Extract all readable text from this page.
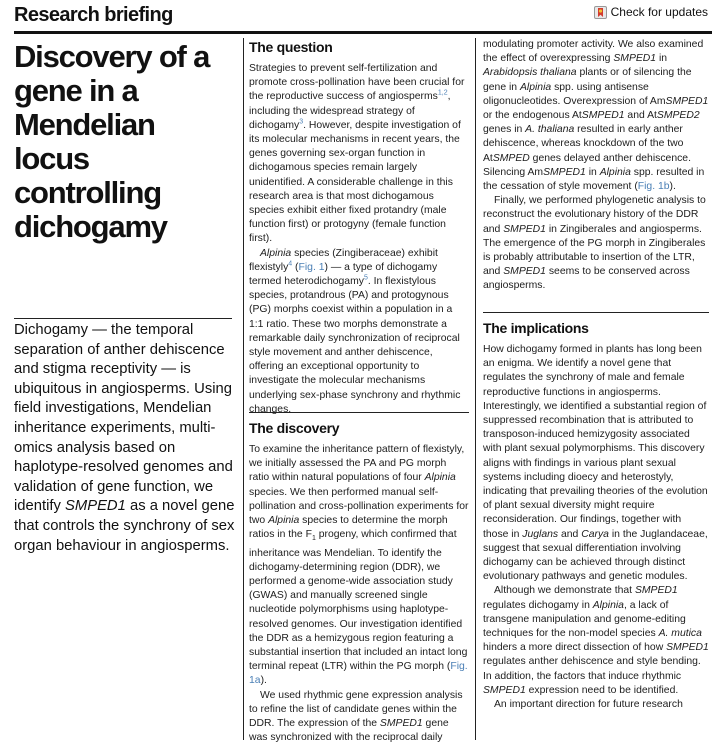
Research briefing	Check for updates
Discovery of a gene in a Mendelian locus controlling dichogamy

Dichogamy — the temporal separation of anther dehiscence and stigma receptivity — is ubiquitous in angiosperms. Using field investigations, Mendelian inheritance experiments, multi-omics analysis based on haplotype-resolved genomes and validation of gene function, we identify SMPED1 as a novel gene that controls the synchrony of sex organ behaviour in angiosperms.

The question

Strategies to prevent self-fertilization and promote cross-pollination have been crucial for the reproductive success of angiosperms$^{1,2}$, including the widespread strategy of dichogamy$^3$. However, despite investigation of its molecular mechanisms in recent years, the genes governing sex-organ function in dichogamous species remain largely unidentified. A considerable challenge in this research area is that most dichogamous species exhibit either fixed protandry (male function first) or protogyny (female function first).

Alpinia species (Zingiberaceae) exhibit flexistyly$^4$ (Fig. 1) — a type of dichogamy termed heterodichogamy$^5$. In flexistylous species, protandrous (PA) and protogynous (PG) morphs coexist within a population in a 1:1 ratio. These two morphs demonstrate a remarkable daily synchronization of reciprocal style movement and anther dehiscence, offering an exceptional opportunity to investigate the molecular mechanisms underlying sex-phase synchrony and rhythmic changes.

The discovery

To examine the inheritance pattern of flexistyly, we initially assessed the PA and PG morph ratio within natural populations of four Alpinia species. We then performed manual self-pollination and cross-pollination experiments for two Alpinia species to determine the morph ratios in the $F_1$ progeny, which confirmed that inheritance was Mendelian. To identify the dichogamy-determining region (DDR), we performed a genome-wide association study (GWAS) and manually screened single nucleotide polymorphisms using haplotype-resolved genomes. Our investigation identified the DDR as a hemizygous region featuring a substantial insertion that included an intact long terminal repeat (LTR) within the PG morph (Fig. 1a).

We used rhythmic gene expression analysis to refine the list of candidate genes within the DDR. The expression of the SMPED1 gene was synchronized with the reciprocal daily

modulating promoter activity. We also examined the effect of overexpressing SMPED1 in Arabidopsis thaliana plants or of silencing the gene in Alpinia spp. using antisense oligonucleotides. Overexpression of AmSMPED1 or the endogenous AtSMPED1 and AtSMPED2 genes in A. thaliana resulted in early anther dehiscence, whereas knockdown of the two AtSMPED genes delayed anther dehiscence. Silencing AmSMPED1 in Alpinia spp. resulted in the cessation of style movement (Fig. 1b).

Finally, we performed phylogenetic analysis to reconstruct the evolutionary history of the DDR and SMPED1 in Zingiberales and angiosperms. The emergence of the PG morph in Zingiberales is probably attributable to insertion of the LTR, and SMPED1 seems to be conserved across angiosperms.

The implications

How dichogamy formed in plants has long been an enigma. We identify a novel gene that regulates the synchrony of male and female reproductive functions in angiosperms. Interestingly, we identified a substantial region of suppressed recombination that is attributed to transposon-induced hemizygosity associated with plant sexual polymorphisms. This discovery aligns with findings in various plant sexual systems including dioecy and heterostyly, indicating that prevailing theories of the evolution of plant sexual diversity might require reconsideration. Our findings, together with those in Juglans and Carya in the Juglandaceae, suggest that sexual differentiation involving dichogamy can be achieved through distinct evolutionary pathways and genetic modules.

Although we demonstrate that SMPED1 regulates dichogamy in Alpinia, a lack of transgene manipulation and genome-editing techniques for the non-model species A. mutica hinders a more direct dissection of how SMPED1 regulates anther dehiscence and style bending. In addition, the factors that induce rhythmic SMPED1 expression need to be identified.

An important direction for future research
